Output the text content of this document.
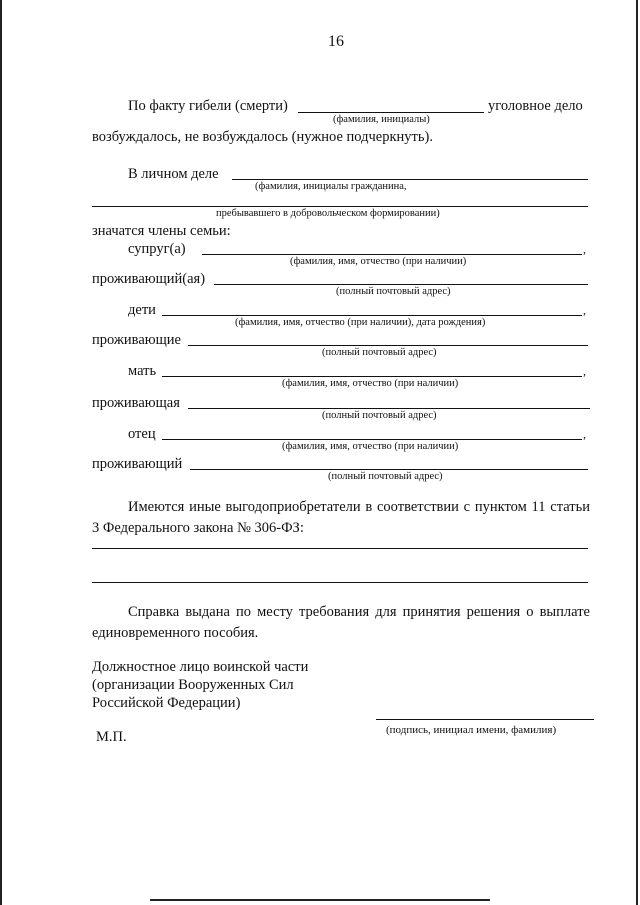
16
По факту гибели (смерти)	уголовное дело
(фамилия, инициалы)
возбуждалось, не возбуждалось (нужное подчеркнуть).
В личном деле
(фамилия, инициалы гражданина,
пребывавшего в добровольческом формировании)
значатся члены семьи:
супруг(а)	,
(фамилия, имя, отчество (при наличии)
проживающий(ая)
(полный почтовый адрес)
дети	,
(фамилия, имя, отчество (при наличии), дата рождения)
проживающие
(полный почтовый адрес)
мать	,
(фамилия, имя, отчество (при наличии)
проживающая
(полный почтовый адрес)
отец	,
(фамилия, имя, отчество (при наличии)
проживающий
(полный почтовый адрес)
Имеются иные выгодоприобретатели в соответствии с пунктом 11 статьи 3 Федерального закона № 306-ФЗ:
Справка выдана по месту требования для принятия решения о выплате единовременного пособия.
Должностное лицо воинской части
(организации Вооруженных Сил
Российской Федерации)
(подпись, инициал имени, фамилия)
М.П.
